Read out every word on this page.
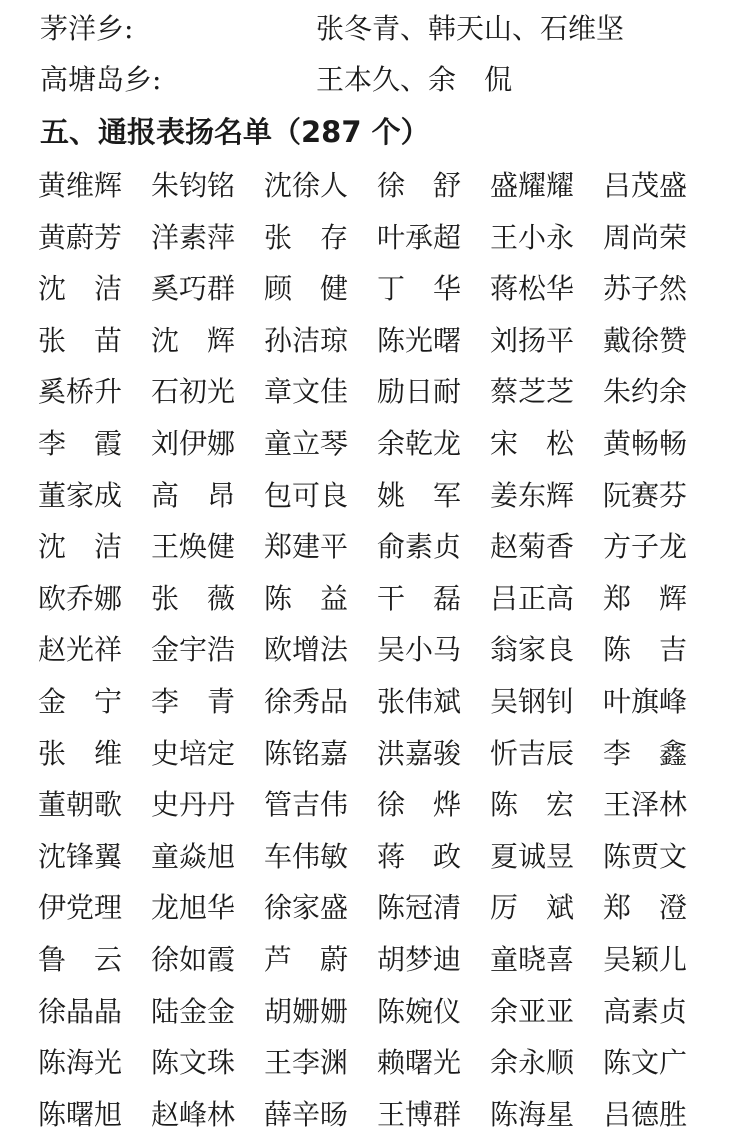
茅洋乡:	张冬青、韩天山、石维坚
高塘岛乡:	王本久、余　侃
五、通报表扬名单（287 个）
黄维辉	朱钧铭	沈徐人	徐　舒	盛耀耀	吕茂盛
黄蔚芳	洋素萍	张　存	叶承超	王小永	周尚荣
沈　洁	奚巧群	顾　健	丁　华	蒋松华	苏子然
张　苗	沈　辉	孙洁琼	陈光曙	刘扬平	戴徐赞
奚桥升	石初光	章文佳	励日耐	蔡芝芝	朱约余
李　霞	刘伊娜	童立琴	余乾龙	宋　松	黄畅畅
董家成	高　昂	包可良	姚　军	姜东辉	阮赛芬
沈　洁	王焕健	郑建平	俞素贞	赵菊香	方子龙
欧乔娜	张　薇	陈　益	干　磊	吕正高	郑　辉
赵光祥	金宇浩	欧增法	吴小马	翁家良	陈　吉
金　宁	李　青	徐秀品	张伟斌	吴钢钊	叶旗峰
张　维	史培定	陈铭嘉	洪嘉骏	忻吉辰	李　鑫
董朝歌	史丹丹	管吉伟	徐　烨	陈　宏	王泽林
沈锋翼	童焱旭	车伟敏	蒋　政	夏诚昱	陈贾文
伊党理	龙旭华	徐家盛	陈冠清	厉　斌	郑　澄
鲁　云	徐如霞	芦　蔚	胡梦迪	童晓喜	吴颖儿
徐晶晶	陆金金	胡姗姗	陈婉仪	余亚亚	高素贞
陈海光	陈文珠	王李渊	赖曙光	余永顺	陈文广
陈曙旭	赵峰林	薛辛旸	王博群	陈海星	吕德胜
